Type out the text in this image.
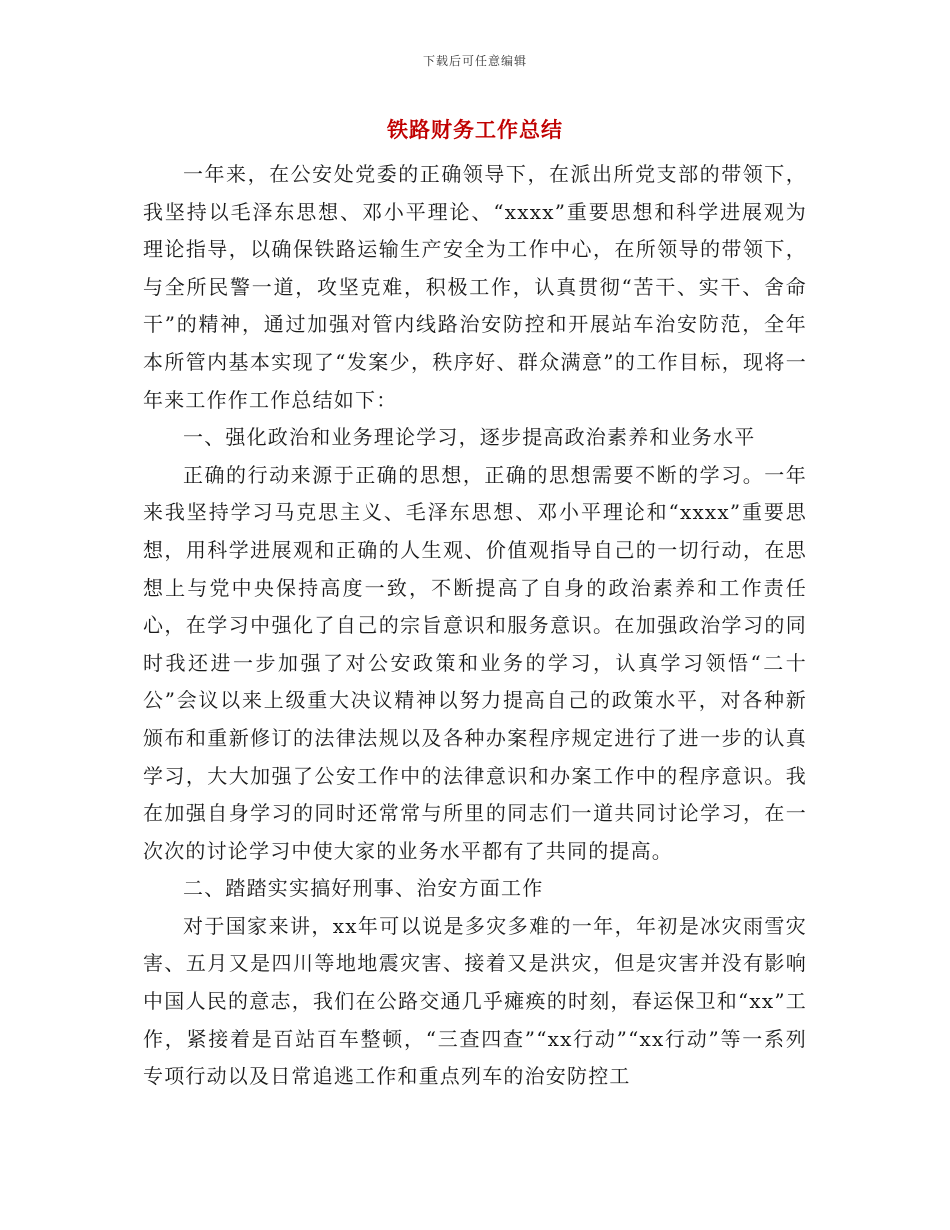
下载后可任意编辑
铁路财务工作总结

一年来，在公安处党委的正确领导下，在派出所党支部的带领下，我坚持以毛泽东思想、邓小平理论、“xxxx”重要思想和科学进展观为理论指导，以确保铁路运输生产安全为工作中心，在所领导的带领下，与全所民警一道，攻坚克难，积极工作，认真贯彻“苦干、实干、舍命干”的精神，通过加强对管内线路治安防控和开展站车治安防范，全年本所管内基本实现了“发案少，秩序好、群众满意”的工作目标，现将一年来工作作工作总结如下：

一、强化政治和业务理论学习，逐步提高政治素养和业务水平

正确的行动来源于正确的思想，正确的思想需要不断的学习。一年来我坚持学习马克思主义、毛泽东思想、邓小平理论和“xxxx”重要思想，用科学进展观和正确的人生观、价值观指导自己的一切行动，在思想上与党中央保持高度一致，不断提高了自身的政治素养和工作责任心，在学习中强化了自己的宗旨意识和服务意识。在加强政治学习的同时我还进一步加强了对公安政策和业务的学习，认真学习领悟“二十公”会议以来上级重大决议精神以努力提高自己的政策水平，对各种新颁布和重新修订的法律法规以及各种办案程序规定进行了进一步的认真学习，大大加强了公安工作中的法律意识和办案工作中的程序意识。我在加强自身学习的同时还常常与所里的同志们一道共同讨论学习，在一次次的讨论学习中使大家的业务水平都有了共同的提高。

二、踏踏实实搞好刑事、治安方面工作

对于国家来讲，xx年可以说是多灾多难的一年，年初是冰灾雨雪灾害、五月又是四川等地地震灾害、接着又是洪灾，但是灾害并没有影响中国人民的意志，我们在公路交通几乎瘫痪的时刻，春运保卫和“xx”工作，紧接着是百站百车整顿，“三查四查”“xx行动”“xx行动”等一系列专项行动以及日常追逃工作和重点列车的治安防控工
